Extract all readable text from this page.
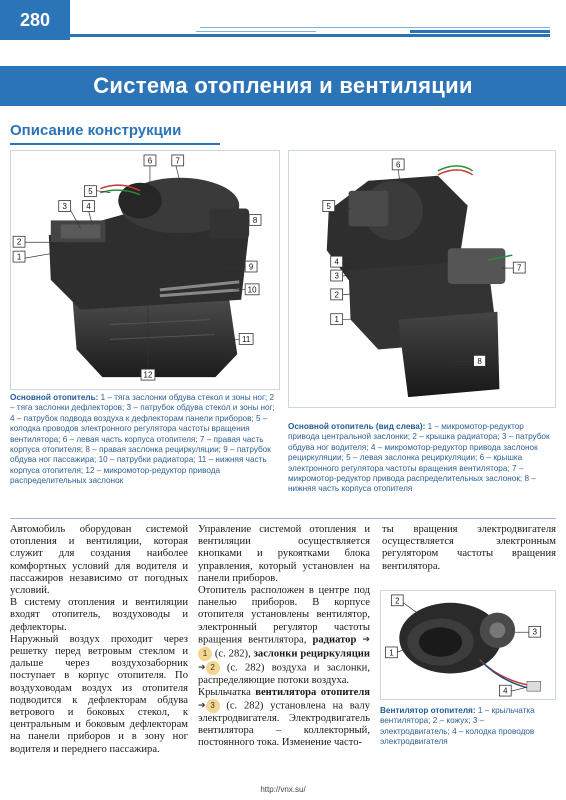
280
Система отопления и вентиляции
Описание конструкции
1
2
3 4
5
6	7
8
9
10
11
12
1
2
3
4
5
6
7
8
Основной отопитель: 1 – тяга заслонки обдува стекол и зоны ног; 2 – тяга заслонки дефлекторов; 3 – патрубок обдува стекол и зоны ног; 4 – патрубок подвода воздуха к дефлекторам панели приборов; 5 – колодка проводов электронного регулятора частоты вращения вентилятора; 6 – левая часть корпуса отопителя; 7 – правая часть корпуса отопителя; 8 – правая заслонка рециркуляции; 9 – патрубок обдува ног пассажира; 10 – патрубки радиатора; 11 – нижняя часть корпуса отопителя; 12 – микромотор-редуктор привода распределительных заслонок
Основной отопитель (вид слева): 1 – микромотор-редуктор привода центральной заслонки; 2 – крышка радиатора; 3 – патрубок обдува ног водителя; 4 – микромотор-редуктор привода заслонок рециркуляции; 5 – левая заслонка рециркуляции; 6 – крышка электронного регулятора частоты вращения вентилятора; 7 – микромотор-редуктор привода распределительных заслонок; 8 – нижняя часть корпуса отопителя

Автомобиль оборудован системой отопления и вентиляции, которая служит для создания наиболее комфортных условий для водителя и пассажиров независимо от погодных условий.

В систему отопления и вентиляции входят отопитель, воздуховоды и дефлекторы.

Наружный воздух проходит через решетку перед ветровым стеклом и дальше через воздухозаборник поступает в корпус отопителя. По воздуховодам воздух из отопителя подводится к дефлекторам обдува ветрового и боковых стекол, к центральным и боковым дефлекторам на панели приборов и в зону ног водителя и переднего пассажира.

Управление системой отопления и вентиляции осуществляется кнопками и рукоятками блока управления, который установлен на панели приборов.

Отопитель расположен в центре под панелью приборов. В корпусе отопителя установлены вентилятор, электронный регулятор частоты вращения вентилятора, радиатор ➔1 (с. 282), заслонки рециркуляции ➔ 2 (с. 282) воздуха и заслонки, распределяющие потоки воздуха.

Крыльчатка вентилятора отопителя ➔ 3 (с. 282) установлена на валу электродвигателя. Электродвигатель вентилятора – коллекторный, постоянного тока. Изменение часто-

ты вращения электродвигателя осуществляется электронным регулятором частоты вращения вентилятора.

1
2
3
4
Вентилятор отопителя: 1 – крыльчатка вентилятора; 2 – кожух; 3 – электродвигатель; 4 – колодка проводов электродвигателя
http://vnx.su/
